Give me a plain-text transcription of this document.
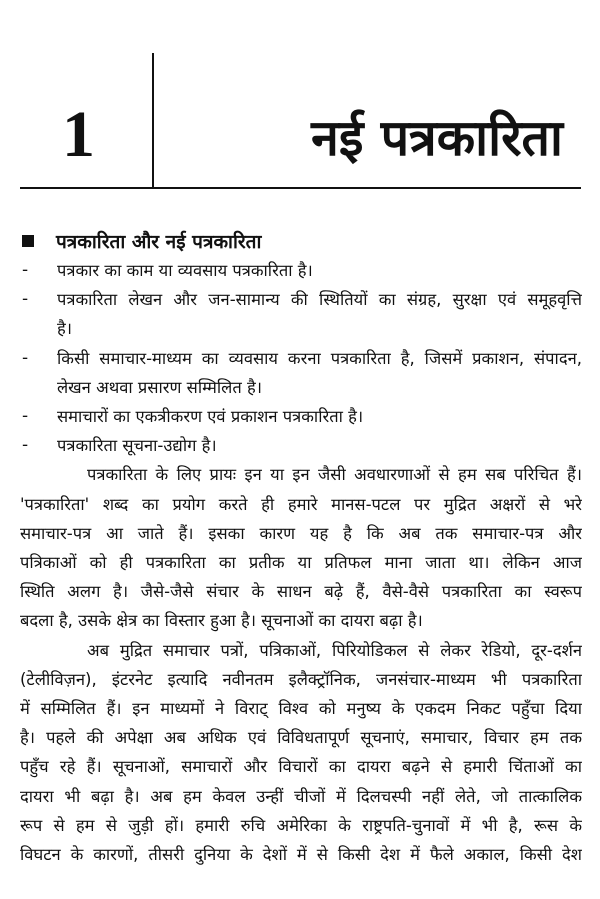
1	नई पत्रकारिता
पत्रकारिता और नई पत्रकारिता
- पत्रकार का काम या व्यवसाय पत्रकारिता है।
- पत्रकारिता लेखन और जन-सामान्य की स्थितियों का संग्रह, सुरक्षा एवं समूहवृत्ति
है।
- किसी समाचार-माध्यम का व्यवसाय करना पत्रकारिता है, जिसमें प्रकाशन, संपादन,
लेखन अथवा प्रसारण सम्मिलित है।
- समाचारों का एकत्रीकरण एवं प्रकाशन पत्रकारिता है।
- पत्रकारिता सूचना-उद्योग है।
पत्रकारिता के लिए प्रायः इन या इन जैसी अवधारणाओं से हम सब परिचित हैं।
'पत्रकारिता' शब्द का प्रयोग करते ही हमारे मानस-पटल पर मुद्रित अक्षरों से भरे
समाचार-पत्र आ जाते हैं। इसका कारण यह है कि अब तक समाचार-पत्र और
पत्रिकाओं को ही पत्रकारिता का प्रतीक या प्रतिफल माना जाता था। लेकिन आज
स्थिति अलग है। जैसे-जैसे संचार के साधन बढ़े हैं, वैसे-वैसे पत्रकारिता का स्वरूप
बदला है, उसके क्षेत्र का विस्तार हुआ है। सूचनाओं का दायरा बढ़ा है।
अब मुद्रित समाचार पत्रों, पत्रिकाओं, पिरियोडिकल से लेकर रेडियो, दूर-दर्शन
(टेलीविज़न), इंटरनेट इत्यादि नवीनतम इलैक्ट्रॉनिक, जनसंचार-माध्यम भी पत्रकारिता
में सम्मिलित हैं। इन माध्यमों ने विराट् विश्व को मनुष्य के एकदम निकट पहुँचा दिया
है। पहले की अपेक्षा अब अधिक एवं विविधतापूर्ण सूचनाएं, समाचार, विचार हम तक
पहुँच रहे हैं। सूचनाओं, समाचारों और विचारों का दायरा बढ़ने से हमारी चिंताओं का
दायरा भी बढ़ा है। अब हम केवल उन्हीं चीजों में दिलचस्पी नहीं लेते, जो तात्कालिक
रूप से हम से जुड़ी हों। हमारी रुचि अमेरिका के राष्ट्रपति-चुनावों में भी है, रूस के
विघटन के कारणों, तीसरी दुनिया के देशों में से किसी देश में फैले अकाल, किसी देश
